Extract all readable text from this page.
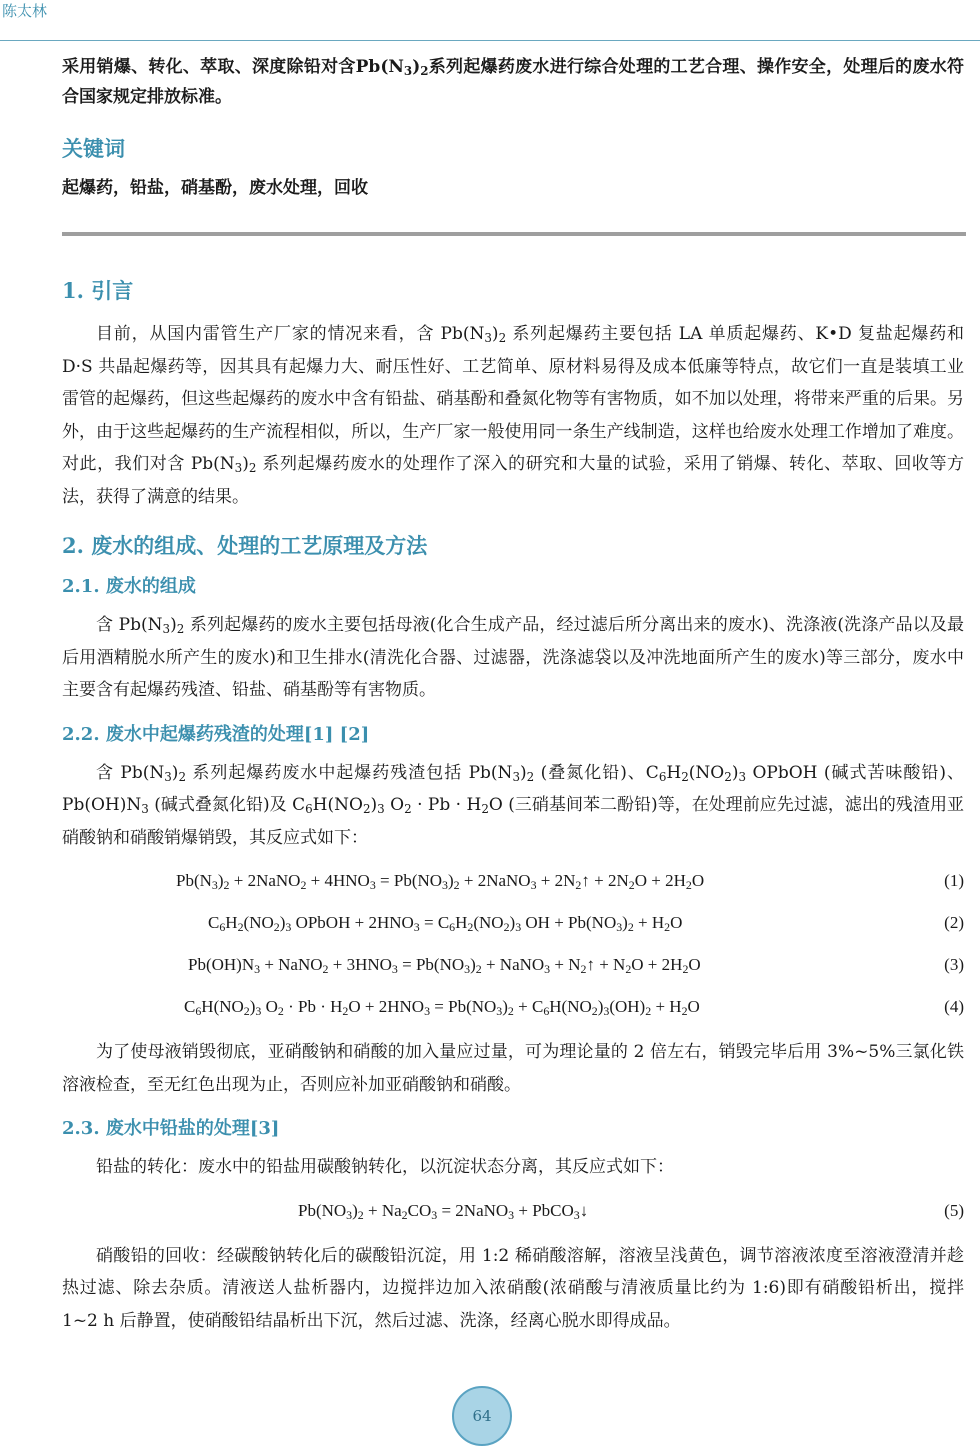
陈太林

采用销爆、转化、萃取、深度除铅对含$Pb(N_3)_2$系列起爆药废水进行综合处理的工艺合理、操作安全，处理后的废水符合国家规定排放标准。

关键词
起爆药，铅盐，硝基酚，废水处理，回收
1. 引言

目前，从国内雷管生产厂家的情况来看，含 $Pb(N_3)_2$ 系列起爆药主要包括 LA 单质起爆药、K•D 复盐起爆药和 D·S 共晶起爆药等，因其具有起爆力大、耐压性好、工艺简单、原材料易得及成本低廉等特点，故它们一直是装填工业雷管的起爆药，但这些起爆药的废水中含有铅盐、硝基酚和叠氮化物等有害物质，如不加以处理，将带来严重的后果。另外，由于这些起爆药的生产流程相似，所以，生产厂家一般使用同一条生产线制造，这样也给废水处理工作增加了难度。对此，我们对含 $Pb(N_3)_2$ 系列起爆药废水的处理作了深入的研究和大量的试验，采用了销爆、转化、萃取、回收等方法，获得了满意的结果。

2. 废水的组成、处理的工艺原理及方法
2.1. 废水的组成

含 $Pb(N_3)_2$ 系列起爆药的废水主要包括母液(化合生成产品，经过滤后所分离出来的废水)、洗涤液(洗涤产品以及最后用酒精脱水所产生的废水)和卫生排水(清洗化合器、过滤器，洗涤滤袋以及冲洗地面所产生的废水)等三部分，废水中主要含有起爆药残渣、铅盐、硝基酚等有害物质。

2.2. 废水中起爆药残渣的处理[1] [2]

含 $Pb(N_3)_2$ 系列起爆药废水中起爆药残渣包括 $Pb(N_3)_2$ (叠氮化铅)、$C_6H_2(NO_2)_3$ OPbOH (碱式苦味酸铅)、$Pb(OH)N_3$ (碱式叠氮化铅)及 $C_6H(NO_2)_3$ $O_2 \cdot Pb \cdot H_2O$ (三硝基间苯二酚铅)等，在处理前应先过滤，滤出的残渣用亚硝酸钠和硝酸销爆销毁，其反应式如下：

$Pb(N_3)_2$ + 2NaNO$_2$ + $4HNO_3 = Pb(NO_3)_2$ + 2NaNO$_3$ + $2N_2↑ + 2N_2O + 2H_2O$	(1)
$C_6H_2(NO_2)_3$ OPbOH + $2HNO_3 = C_6H_2(NO_2)_3$ OH + $Pb(NO_3)_2 + H_2O$	(2)
$Pb(OH)N_3$ + NaNO$_2$ + $3HNO_3 = Pb(NO_3)_2$ + NaNO$_3$ + $N_2↑ + N_2O + 2H_2O$	(3)
$C_6H(NO_2)_3$ $O_2 \cdot Pb \cdot H_2O + 2HNO_3 = Pb(NO_3)_2 + C_6H(NO_2)_3(OH)_2 + H_2O$	(4)

为了使母液销毁彻底，亚硝酸钠和硝酸的加入量应过量，可为理论量的 2 倍左右，销毁完毕后用 3%~5%三氯化铁溶液检查，至无红色出现为止，否则应补加亚硝酸钠和硝酸。

2.3. 废水中铅盐的处理[3]

铅盐的转化：废水中的铅盐用碳酸钠转化，以沉淀状态分离，其反应式如下：

$Pb(NO_3)_2 + Na_2CO_3$ = 2NaNO$_3$ + PbCO$_3$↓	(5)

硝酸铅的回收：经碳酸钠转化后的碳酸铅沉淀，用 1:2 稀硝酸溶解，溶液呈浅黄色，调节溶液浓度至溶液澄清并趁热过滤、除去杂质。清液送人盐析器内，边搅拌边加入浓硝酸(浓硝酸与清液质量比约为 1:6)即有硝酸铅析出，搅拌 1~2 h 后静置，使硝酸铅结晶析出下沉，然后过滤、洗涤，经离心脱水即得成品。

64
